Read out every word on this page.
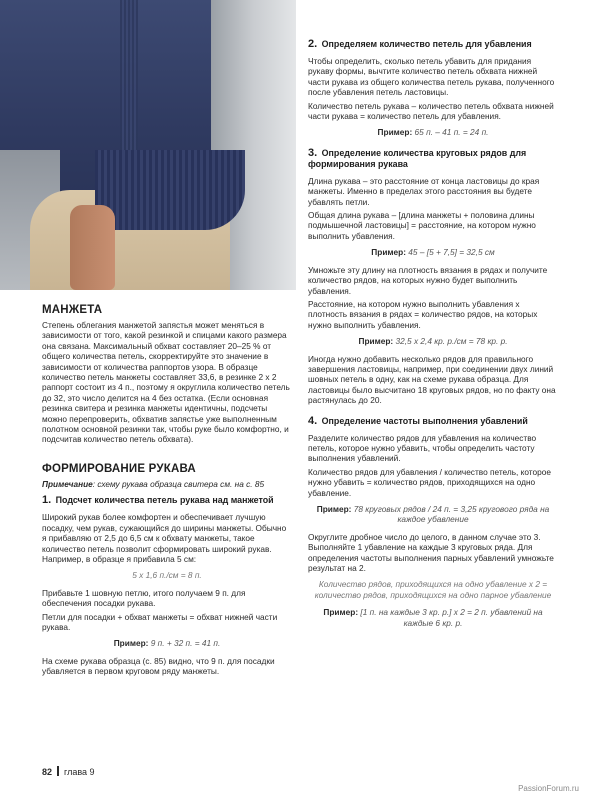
МАНЖЕТА

Степень облегания манжетой запястья может меняться в зависимости от того, какой резинкой и спицами какого размера она связана. Максимальный обхват составляет 20–25 % от общего количества петель, скорректируйте это значение в зависимости от количества раппортов узора. В образце количество петель манжеты составляет 33,6, в резинке 2 х 2 раппорт состоит из 4 п., поэтому я округлила количество петель до 32, это число делится на 4 без остатка. (Если основная резинка свитера и резинка манжеты идентичны, подсчеты можно перепроверить, обхватив запястье уже выполненным полотном основной резинки так, чтобы руке было комфортно, и подсчитав количество петель обхвата).

ФОРМИРОВАНИЕ РУКАВА
Примечание: схему рукава образца свитера см. на с. 85
1. Подсчет количества петель рукава над манжетой

Широкий рукав более комфортен и обеспечивает лучшую посадку, чем рукав, сужающийся до ширины манжеты. Обычно я прибавляю от 2,5 до 6,5 см к обхвату манжеты, такое количество петель позволит сформировать широкий рукав. Например, в образце я прибавила 5 см:

5 х 1,6 п./см = 8 п.

Прибавьте 1 шовную петлю, итого получаем 9 п. для обеспечения посадки рукава.

Петли для посадки + обхват манжеты = обхват нижней части рукава.

Пример: 9 п. + 32 п. = 41 п.

На схеме рукава образца (с. 85) видно, что 9 п. для посадки убавляется в первом круговом ряду манжеты.

2. Определяем количество петель для убавления

Чтобы определить, сколько петель убавить для придания рукаву формы, вычтите количество петель обхвата нижней части рукава из общего количества петель рукава, полученного после убавления петель ластовицы.

Количество петель рукава – количество петель обхвата нижней части рукава = количество петель для убавления.

Пример: 65 п. – 41 п. = 24 п.
3. Определение количества круговых рядов для формирования рукава

Длина рукава – это расстояние от конца ластовицы до края манжеты. Именно в пределах этого расстояния вы будете убавлять петли.

Общая длина рукава – [длина манжеты + половина длины подмышечной ластовицы] = расстояние, на котором нужно выполнить убавления.

Пример: 45 – [5 + 7,5] = 32,5 см

Умножьте эту длину на плотность вязания в рядах и получите количество рядов, на которых нужно будет выполнить убавления.

Расстояние, на котором нужно выполнить убавления х плотность вязания в рядах = количество рядов, на которых нужно выполнить убавления.

Пример: 32,5 х 2,4 кр. р./см = 78 кр. р.

Иногда нужно добавить несколько рядов для правильного завершения ластовицы, например, при соединении двух линий шовных петель в одну, как на схеме рукава образца. Для ластовицы было высчитано 18 круговых рядов, но по факту она растянулась до 20.

4. Определение частоты выполнения убавлений

Разделите количество рядов для убавления на количество петель, которое нужно убавить, чтобы определить частоту выполнения убавлений.

Количество рядов для убавления / количество петель, которое нужно убавить = количество рядов, приходящихся на одно убавление.

Пример: 78 круговых рядов / 24 п. = 3,25 кругового ряда на каждое убавление

Округлите дробное число до целого, в данном случае это 3. Выполняйте 1 убавление на каждые 3 круговых ряда. Для определения частоты выполнения парных убавлений умножьте результат на 2.

Количество рядов, приходящихся на одно убавление х 2 = количество рядов, приходящихся на одно парное убавление
Пример: [1 п. на каждые 3 кр. р.] х 2 = 2 п. убавлений на каждые 6 кр. р.
82 глава 9
PassionForum.ru
